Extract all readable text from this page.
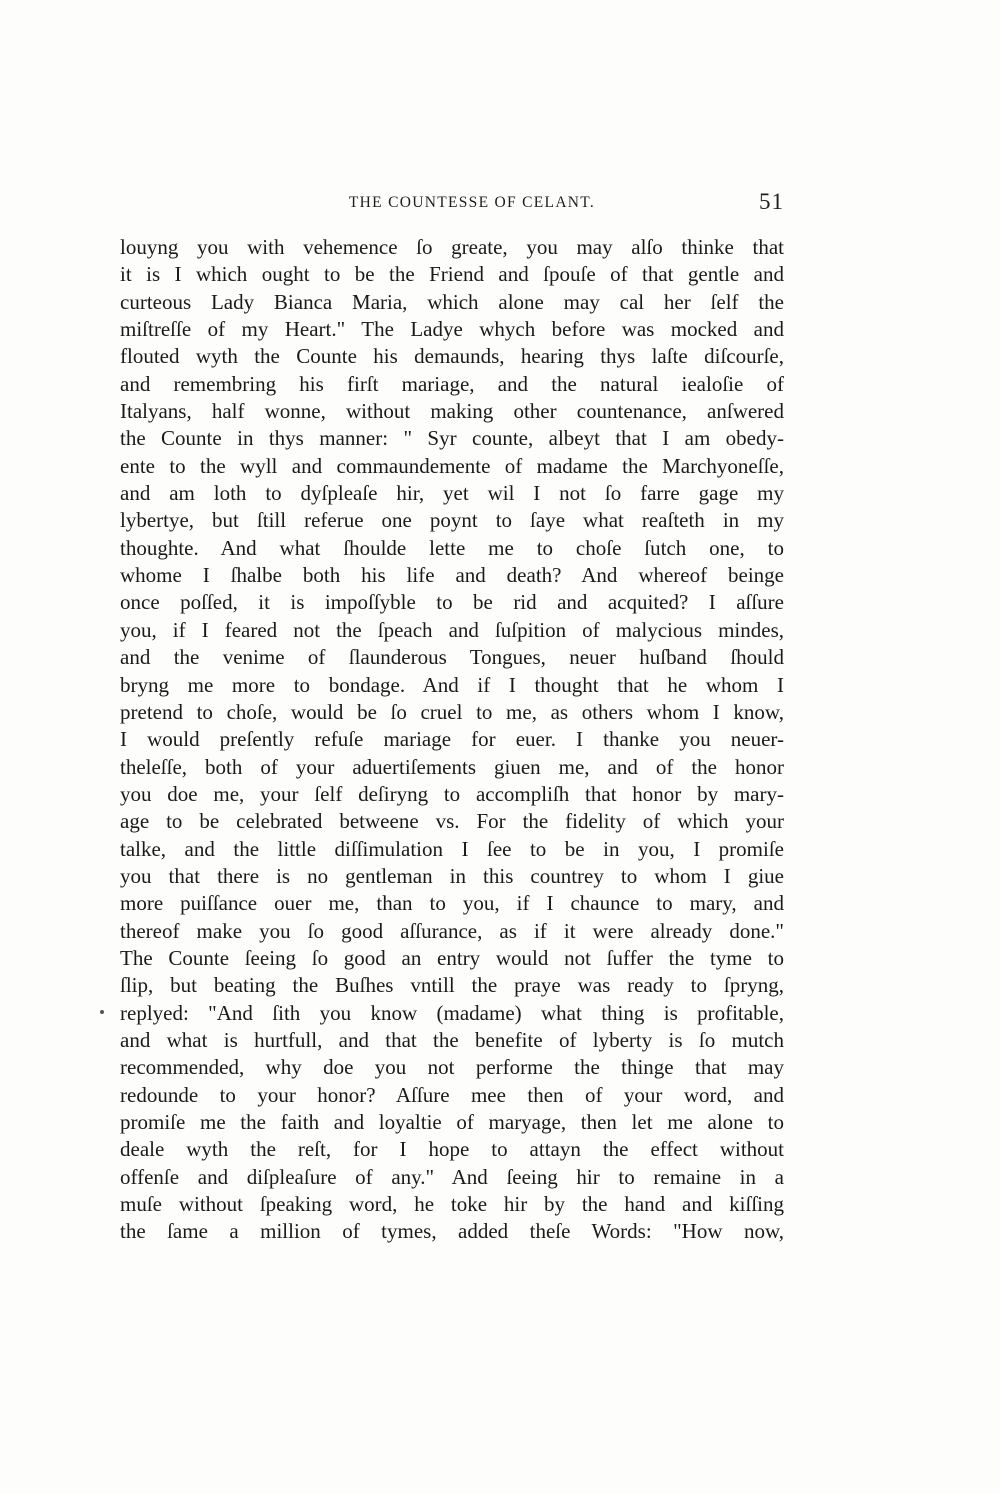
THE COUNTESSE OF CELANT.	51
louyng you with vehemence ſo greate, you may alſo thinke that
it is I which ought to be the Friend and ſpouſe of that gentle and
curteous Lady Bianca Maria, which alone may cal her ſelf the
miſtreſſe of my Heart." The Ladye whych before was mocked and
flouted wyth the Counte his demaunds, hearing thys laſte diſcourſe,
and remembring his firſt mariage, and the natural iealoſie of
Italyans, half wonne, without making other countenance, anſwered
the Counte in thys manner: " Syr counte, albeyt that I am obedy-
ente to the wyll and commaundemente of madame the Marchyoneſſe,
and am loth to dyſpleaſe hir, yet wil I not ſo farre gage my
lybertye, but ſtill referue one poynt to ſaye what reaſteth in my
thoughte. And what ſhoulde lette me to choſe ſutch one, to
whome I ſhalbe both his life and death? And whereof beinge
once poſſed, it is impoſſyble to be rid and acquited? I aſſure
you, if I feared not the ſpeach and ſuſpition of malycious mindes,
and the venime of ſlaunderous Tongues, neuer huſband ſhould
bryng me more to bondage. And if I thought that he whom I
pretend to choſe, would be ſo cruel to me, as others whom I know,
I would preſently refuſe mariage for euer. I thanke you neuer-
theleſſe, both of your aduertiſements giuen me, and of the honor
you doe me, your ſelf deſiryng to accompliſh that honor by mary-
age to be celebrated betweene vs. For the fidelity of which your
talke, and the little diſſimulation I ſee to be in you, I promiſe
you that there is no gentleman in this countrey to whom I giue
more puiſſance ouer me, than to you, if I chaunce to mary, and
thereof make you ſo good aſſurance, as if it were already done."
The Counte ſeeing ſo good an entry would not ſuffer the tyme to
ſlip, but beating the Buſhes vntill the praye was ready to ſpryng,
replyed: "And ſith you know (madame) what thing is profitable,
and what is hurtfull, and that the benefite of lyberty is ſo mutch
recommended, why doe you not performe the thinge that may
redounde to your honor? Aſſure mee then of your word, and
promiſe me the faith and loyaltie of maryage, then let me alone to
deale wyth the reſt, for I hope to attayn the effect without
offenſe and diſpleaſure of any." And ſeeing hir to remaine in a
muſe without ſpeaking word, he toke hir by the hand and kiſſing
the ſame a million of tymes, added theſe Words: "How now,
